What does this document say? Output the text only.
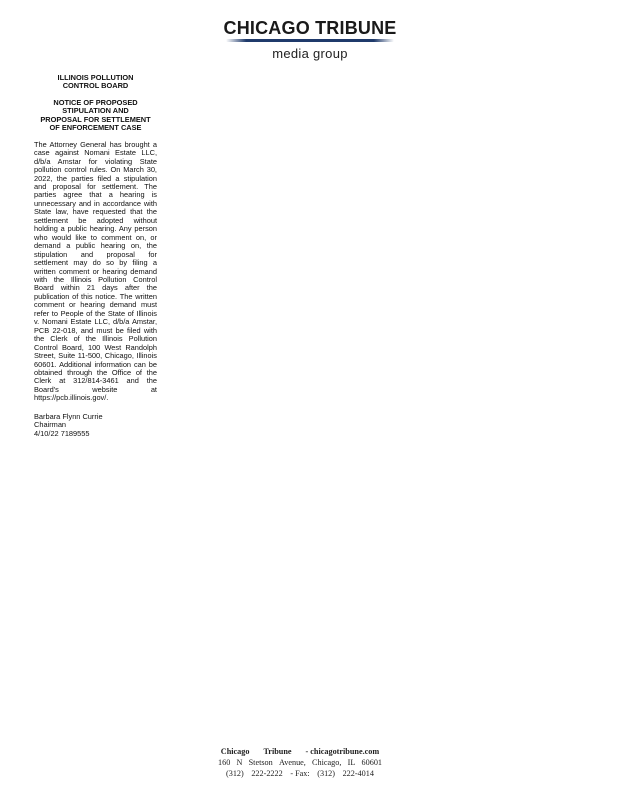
CHICAGO TRIBUNE
media group

ILLINOIS POLLUTION

CONTROL BOARD

NOTICE OF PROPOSED

STIPULATION AND

PROPOSAL FOR SETTLEMENT

OF ENFORCEMENT CASE

The Attorney General has brought a case against Nomani Estate LLC, d/b/a Amstar for violating State pollution control rules. On March 30, 2022, the parties filed a stipulation and proposal for settlement. The parties agree that a hearing is unnecessary and in accordance with State law, have requested that the settlement be adopted without holding a public hearing. Any person who would like to comment on, or demand a public hearing on, the stipulation and proposal for settlement may do so by filing a written comment or hearing demand with the Illinois Pollution Control Board within 21 days after the publication of this notice. The written comment or hearing demand must refer to People of the State of Illinois v. Nomani Estate LLC, d/b/a Amstar, PCB 22-018, and must be filed with the Clerk of the Illinois Pollution Control Board, 100 West Randolph Street, Suite 11-500, Chicago, Illinois 60601. Additional information can be obtained through the Office of the Clerk at 312/814-3461 and the Board's website at https://pcb.illinois.gov/.

Barbara Flynn Currie

Chairman

4/10/22 7189555

Chicago Tribune - chicagotribune.com
160 N Stetson Avenue, Chicago, IL 60601
(312) 222-2222 - Fax: (312) 222-4014
